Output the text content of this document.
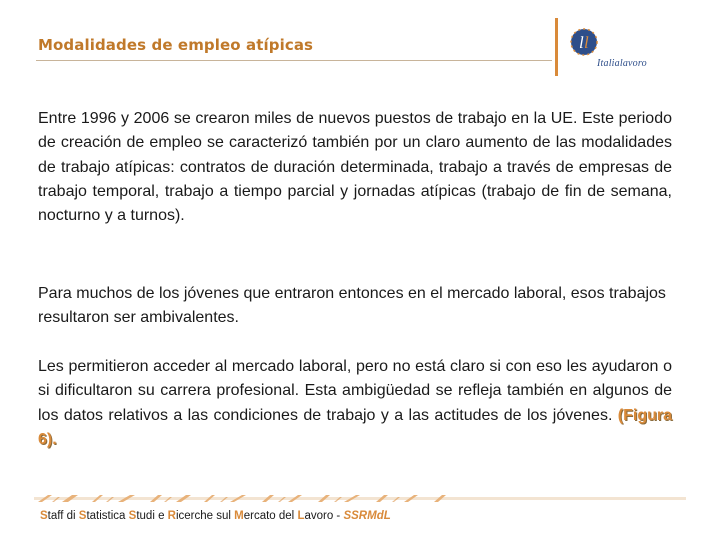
Modalidades de empleo atípicas	l l
Italialavoro

Entre 1996 y 2006 se crearon miles de nuevos puestos de trabajo en la UE. Este periodo de creación de empleo se caracterizó también por un claro aumento de las modalidades de trabajo atípicas: contratos de duración determinada, trabajo a través de empresas de trabajo temporal, trabajo a tiempo parcial y jornadas atípicas (trabajo de fin de semana, nocturno y a turnos).

Para muchos de los jóvenes que entraron entonces en el mercado laboral, esos trabajos resultaron ser ambivalentes.

Les permitieron acceder al mercado laboral, pero no está claro si con eso les ayudaron o si dificultaron su carrera profesional. Esta ambigüedad se refleja también en algunos de los datos relativos a las condiciones de trabajo y a las actitudes de los jóvenes. (Figura 6).

Staff di Statistica Studi e Ricerche sul Mercato del Lavoro - SSRMdL
